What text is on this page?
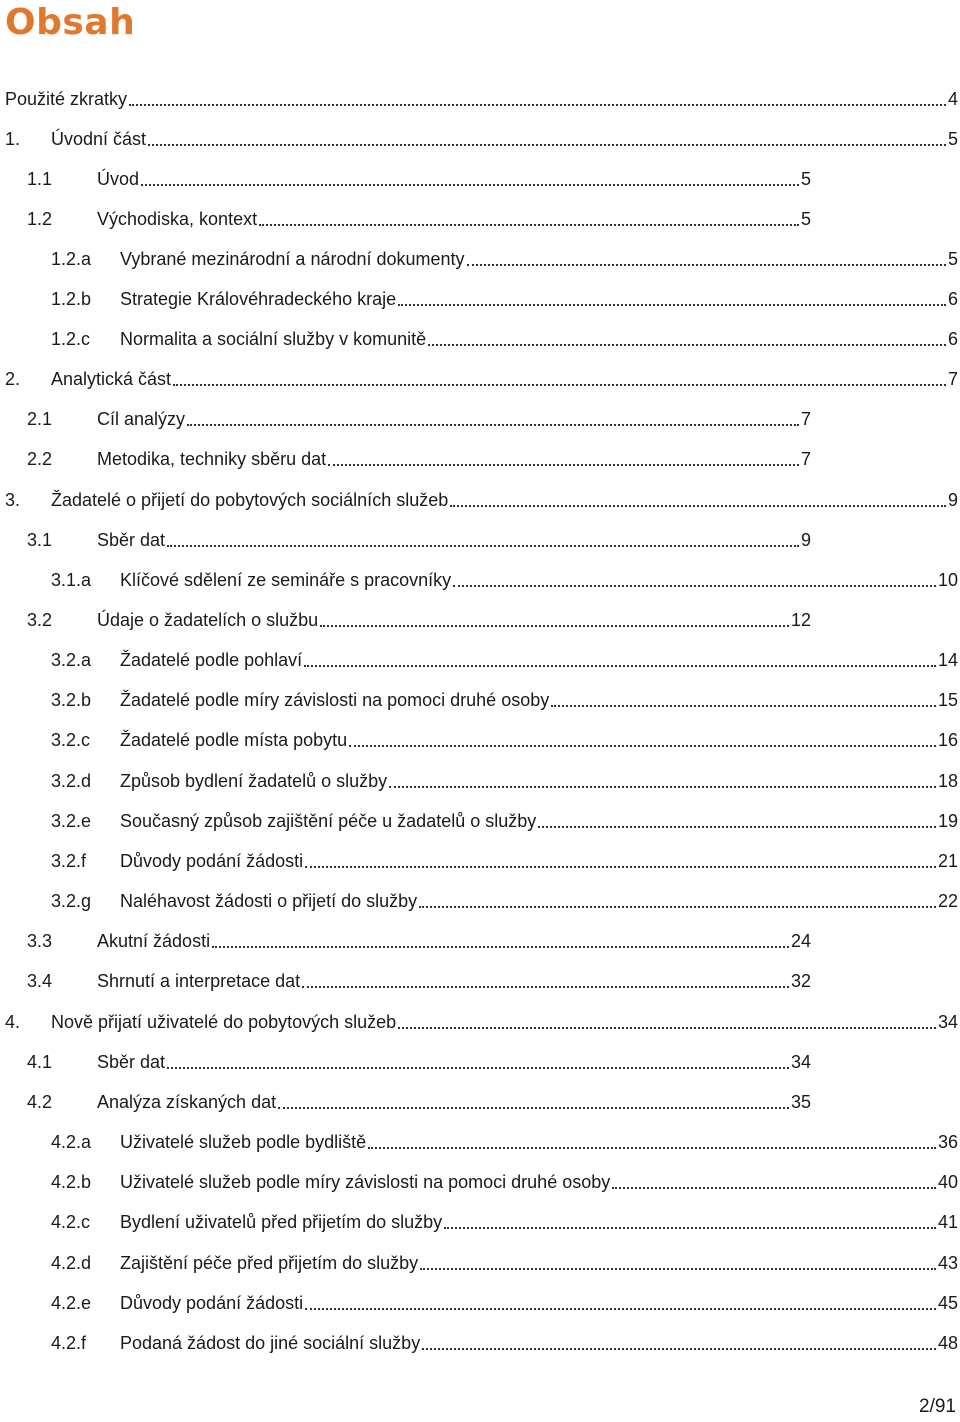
Obsah
Použité zkratky	4
1.	Úvodní část	5
1.1	Úvod	5
1.2	Východiska, kontext	5
1.2.a	Vybrané mezinárodní a národní dokumenty	5
1.2.b	Strategie Královéhradeckého kraje	6
1.2.c	Normalita a sociální služby v komunitě	6
2.	Analytická část	7
2.1	Cíl analýzy	7
2.2	Metodika, techniky sběru dat	7
3.	Žadatelé o přijetí do pobytových sociálních služeb	9
3.1	Sběr dat	9
3.1.a	Klíčové sdělení ze semináře s pracovníky	10
3.2	Údaje o žadatelích o službu	12
3.2.a	Žadatelé podle pohlaví	14
3.2.b	Žadatelé podle míry závislosti na pomoci druhé osoby	15
3.2.c	Žadatelé podle místa pobytu	16
3.2.d	Způsob bydlení žadatelů o služby	18
3.2.e	Současný způsob zajištění péče u žadatelů o služby	19
3.2.f	Důvody podání žádosti	21
3.2.g	Naléhavost žádosti o přijetí do služby	22
3.3	Akutní žádosti	24
3.4	Shrnutí a interpretace dat	32
4.	Nově přijatí uživatelé do pobytových služeb	34
4.1	Sběr dat	34
4.2	Analýza získaných dat	35
4.2.a	Uživatelé služeb podle bydliště	36
4.2.b	Uživatelé služeb podle míry závislosti na pomoci druhé osoby	40
4.2.c	Bydlení uživatelů před přijetím do služby	41
4.2.d	Zajištění péče před přijetím do služby	43
4.2.e	Důvody podání žádosti	45
4.2.f	Podaná žádost do jiné sociální služby	48
2/91
